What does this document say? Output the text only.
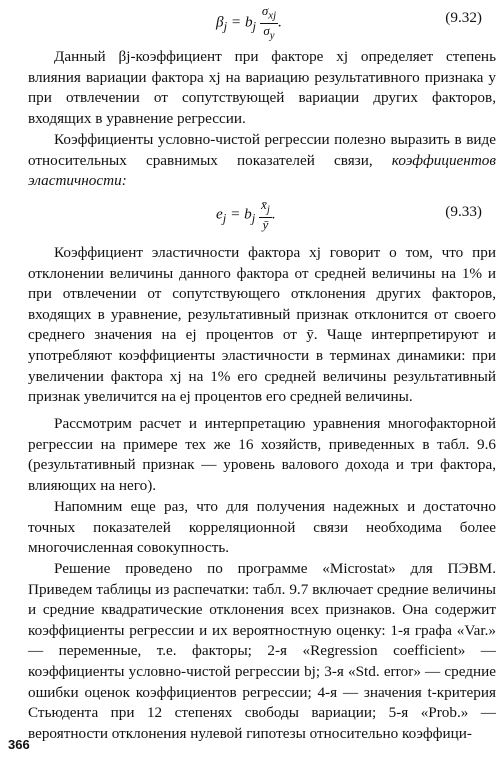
$\beta_j = b_j \frac{\sigma_{xj}}{\sigma_y}$ .	(9.32)

Данный βj-коэффициент при факторе xj определяет степень влияния вариации фактора xj на вариацию результативного признака у при отвлечении от сопутствующей вариации других факторов, входящих в уравнение регрессии.

Коэффициенты условно-чистой регрессии полезно выразить в виде относительных сравнимых показателей связи, коэффициентов эластичности:

$e_j = b_j \frac{x̄_j}{ȳ}$ .	(9.33)

Коэффициент эластичности фактора xj говорит о том, что при отклонении величины данного фактора от средней величины на 1% и при отвлечении от сопутствующего отклонения других факторов, входящих в уравнение, результативный признак отклонится от своего среднего значения на ej процентов от ȳ. Чаще интерпретируют и употребляют коэффициенты эластичности в терминах динамики: при увеличении фактора xj на 1% его средней величины результативный признак увеличится на ej процентов его средней величины.

Рассмотрим расчет и интерпретацию уравнения многофакторной регрессии на примере тех же 16 хозяйств, приведенных в табл. 9.6 (результативный признак — уровень валового дохода и три фактора, влияющих на него).

Напомним еще раз, что для получения надежных и достаточно точных показателей корреляционной связи необходима более многочисленная совокупность.

Решение проведено по программе «Microstat» для ПЭВМ. Приведем таблицы из распечатки: табл. 9.7 включает средние величины и средние квадратические отклонения всех признаков. Она содержит коэффициенты регрессии и их вероятностную оценку: 1-я графа «Var.» — переменные, т.е. факторы; 2-я «Regression coefficient» — коэффициенты условно-чистой регрессии bj; 3-я «Std. error» — средние ошибки оценок коэффициентов регрессии; 4-я — значения t-критерия Стьюдента при 12 степенях свободы вариации; 5-я «Prob.» — вероятности отклонения нулевой гипотезы относительно коэффици-

366
